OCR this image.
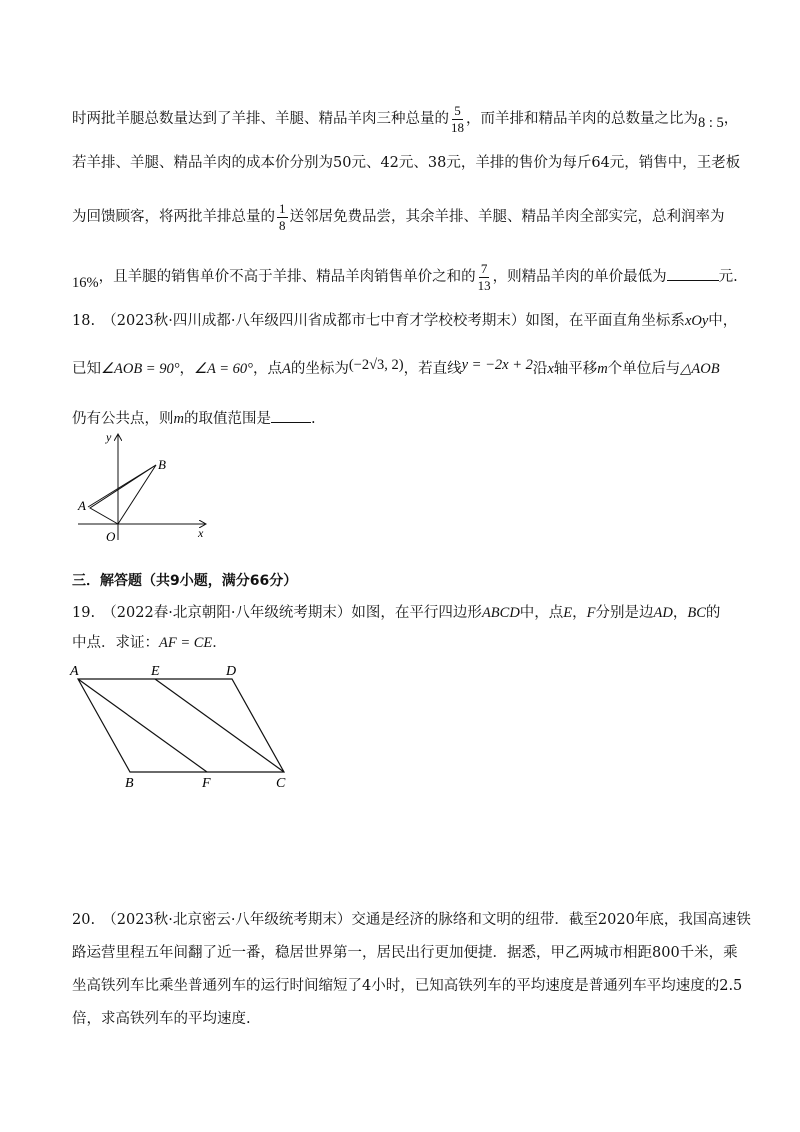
时两批羊腿总数量达到了羊排、羊腿、精品羊肉三种总量的 $\frac{5}{18}$ ，而羊排和精品羊肉的总数量之比为8 : 5，
若羊排、羊腿、精品羊肉的成本价分别为50元、42元、38元，羊排的售价为每斤64元，销售中，王老板
为回馈顾客，将两批羊排总量的 $\frac{1}{8}$ 送邻居免费品尝，其余羊排、羊腿、精品羊肉全部实完，总利润率为
16%，且羊腿的销售单价不高于羊排、精品羊肉销售单价之和的 $\frac{7}{13}$ ，则精品羊肉的单价最低为	元.
18.　（2023秋·四川成都·八年级四川省成都市七中育才学校校考期末）如图，在平面直角坐标系xOy中，
已知∠AOB = 90°，∠A = 60°，点A的坐标为(−2√3, 2)，若直线y = −2x + 2沿x轴平移m个单位后与△AOB
仍有公共点，则m的取值范围是	.
y
x
B
A
O
三．解答题（共9小题，满分66分）
19.　（2022春·北京朝阳·八年级统考期末）如图，在平行四边形ABCD中，点E，F分别是边AD，BC的
中点．求证：AF = CE．
A	E	D
B	F	C
20.　（2023秋·北京密云·八年级统考期末）交通是经济的脉络和文明的纽带．截至2020年底，我国高速铁
路运营里程五年间翻了近一番，稳居世界第一，居民出行更加便捷．据悉，甲乙两城市相距800千米，乘
坐高铁列车比乘坐普通列车的运行时间缩短了4小时，已知高铁列车的平均速度是普通列车平均速度的2.5
倍，求高铁列车的平均速度.
